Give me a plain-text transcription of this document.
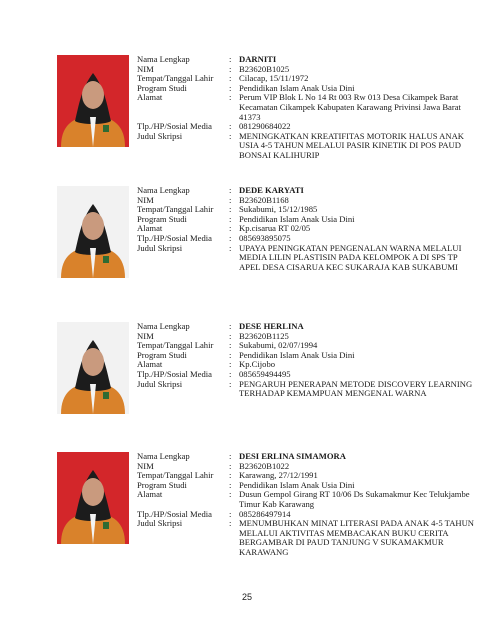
Nama Lengkap	: DARNITI
NIM	: B23620B1025
Tempat/Tanggal Lahir	: Cilacap, 15/11/1972
Program Studi	: Pendidikan Islam Anak Usia Dini
Alamat	: Perum VIP Blok L No 14 Rt 003 Rw 013 Desa Cikampek Barat Kecamatan Cikampek Kabupaten Karawang Privinsi Jawa Barat 41373
Tlp./HP/Sosial Media	: 081290684022
Judul Skripsi	: MENINGKATKAN KREATIFITAS MOTORIK HALUS ANAK USIA 4-5 TAHUN MELALUI PASIR KINETIK DI POS PAUD BONSAI KALIHURIP
Nama Lengkap	: DEDE KARYATI
NIM	: B23620B1168
Tempat/Tanggal Lahir	: Sukabumi, 15/12/1985
Program Studi	: Pendidikan Islam Anak Usia Dini
Alamat	: Kp.cisarua RT 02/05
Tlp./HP/Sosial Media	: 085693895075
Judul Skripsi	: UPAYA PENINGKATAN PENGENALAN WARNA MELALUI MEDIA LILIN PLASTISIN PADA KELOMPOK A DI SPS TP APEL DESA CISARUA KEC SUKARAJA KAB SUKABUMI
Nama Lengkap	: DESE HERLINA
NIM	: B23620B1125
Tempat/Tanggal Lahir	: Sukabumi, 02/07/1994
Program Studi	: Pendidikan Islam Anak Usia Dini
Alamat	: Kp.Cijobo
Tlp./HP/Sosial Media	: 085659494495
Judul Skripsi	: PENGARUH PENERAPAN METODE DISCOVERY LEARNING TERHADAP KEMAMPUAN MENGENAL WARNA
Nama Lengkap	: DESI ERLINA SIMAMORA
NIM	: B23620B1022
Tempat/Tanggal Lahir	: Karawang, 27/12/1991
Program Studi	: Pendidikan Islam Anak Usia Dini
Alamat	: Dusun Gempol Girang RT 10/06 Ds Sukamakmur Kec Telukjambe Timur Kab Karawang
Tlp./HP/Sosial Media	: 085286497914
Judul Skripsi	: MENUMBUHKAN MINAT LITERASI PADA ANAK 4-5 TAHUN MELALUI AKTIVITAS MEMBACAKAN BUKU CERITA BERGAMBAR DI PAUD TANJUNG V SUKAMAKMUR KARAWANG
25
